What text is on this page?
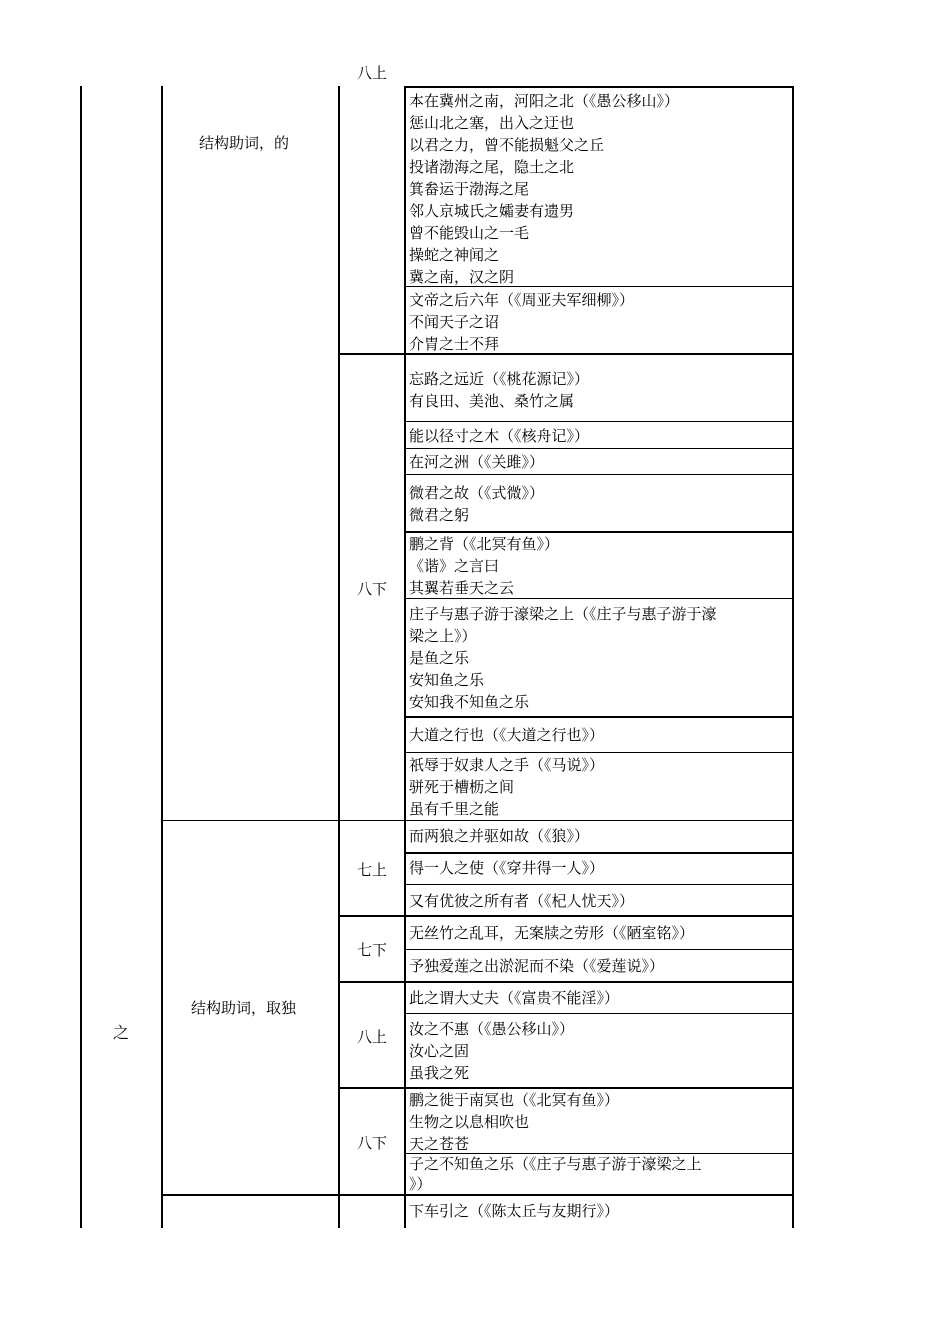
八上
之
结构助词，的
结构助词，取独
八下
七上
七下
八上
八下
本在冀州之南，河阳之北（《愚公移山》）
惩山北之塞，出入之迂也
以君之力，曾不能损魁父之丘
投诸渤海之尾，隐土之北
箕畚运于渤海之尾
邻人京城氏之孀妻有遗男
曾不能毁山之一毛
操蛇之神闻之
冀之南，汉之阴
文帝之后六年（《周亚夫军细柳》）
不闻天子之诏
介胄之士不拜
忘路之远近（《桃花源记》）
有良田、美池、桑竹之属
能以径寸之木（《核舟记》）
在河之洲（《关雎》）
微君之故（《式微》）
微君之躬
鹏之背（《北冥有鱼》）
《谐》之言曰
其翼若垂天之云
庄子与惠子游于濠梁之上（《庄子与惠子游于濠
梁之上》）
是鱼之乐
安知鱼之乐
安知我不知鱼之乐
大道之行也（《大道之行也》）
祇辱于奴隶人之手（《马说》）
骈死于槽枥之间
虽有千里之能
而两狼之并驱如故（《狼》）
得一人之使（《穿井得一人》）
又有优彼之所有者（《杞人忧天》）
无丝竹之乱耳，无案牍之劳形（《陋室铭》）
予独爱莲之出淤泥而不染（《爱莲说》）
此之谓大丈夫（《富贵不能淫》）
汝之不惠（《愚公移山》）
汝心之固
虽我之死
鹏之徙于南冥也（《北冥有鱼》）
生物之以息相吹也
天之苍苍
子之不知鱼之乐（《庄子与惠子游于濠梁之上
》）
下车引之（《陈太丘与友期行》）
